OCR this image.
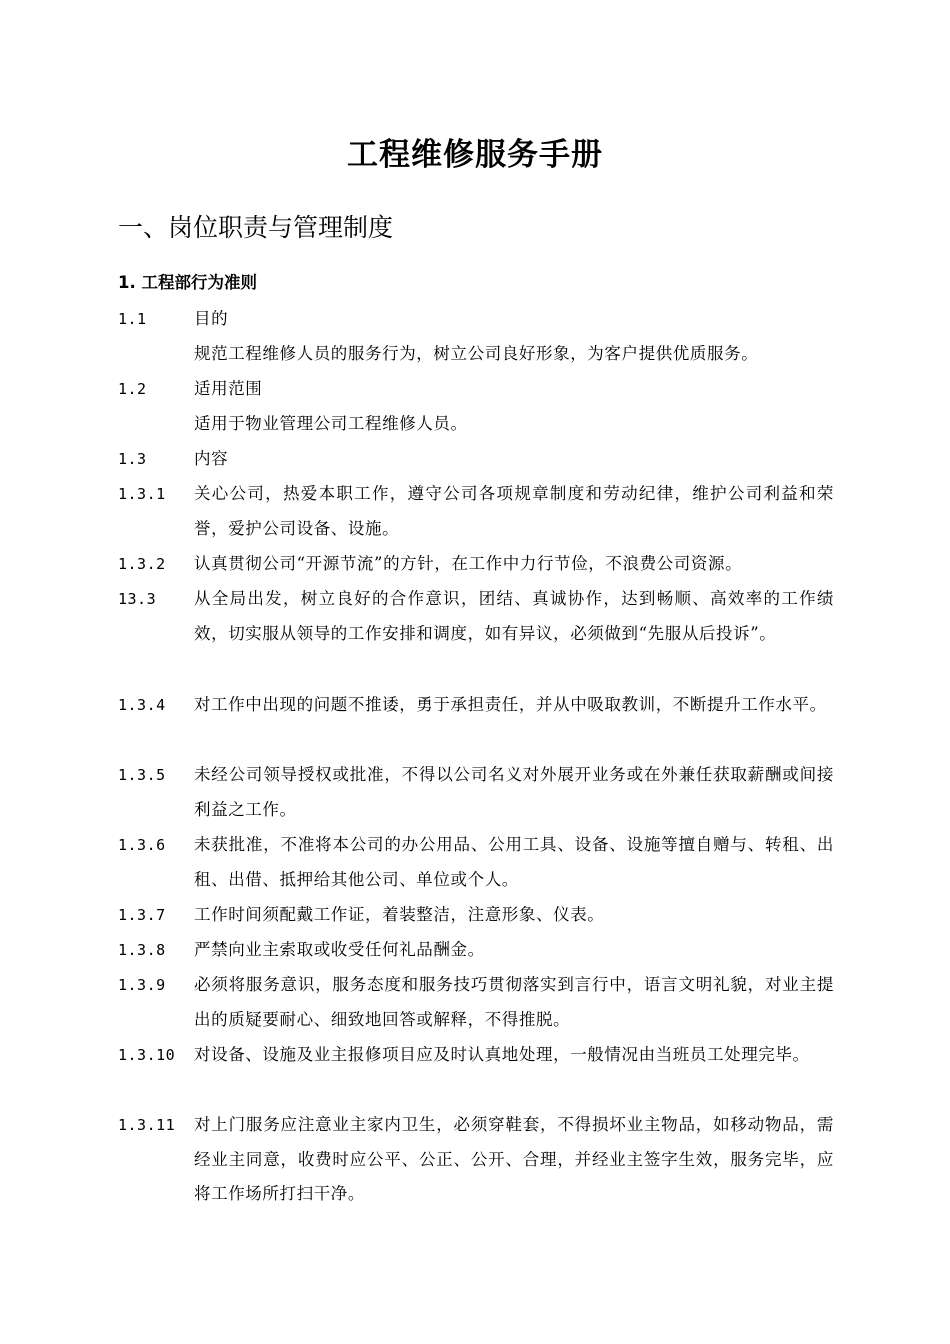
工程维修服务手册
一、岗位职责与管理制度
1. 工程部行为准则
1.1	目的
规范工程维修人员的服务行为，树立公司良好形象，为客户提供优质服务。
1.2	适用范围
适用于物业管理公司工程维修人员。
1.3	内容
1.3.1	关心公司，热爱本职工作，遵守公司各项规章制度和劳动纪律，维护公司利益和荣誉，爱护公司设备、设施。
1.3.2	认真贯彻公司“开源节流”的方针，在工作中力行节俭，不浪费公司资源。
13.3	从全局出发，树立良好的合作意识，团结、真诚协作，达到畅顺、高效率的工作绩效，切实服从领导的工作安排和调度，如有异议，必须做到“先服从后投诉”。
1.3.4	对工作中出现的问题不推诿，勇于承担责任，并从中吸取教训，不断提升工作水平。
1.3.5	未经公司领导授权或批准，不得以公司名义对外展开业务或在外兼任获取薪酬或间接利益之工作。
1.3.6	未获批准，不准将本公司的办公用品、公用工具、设备、设施等擅自赠与、转租、出租、出借、抵押给其他公司、单位或个人。
1.3.7	工作时间须配戴工作证，着装整洁，注意形象、仪表。
1.3.8	严禁向业主索取或收受任何礼品酬金。
1.3.9	必须将服务意识，服务态度和服务技巧贯彻落实到言行中，语言文明礼貌，对业主提出的质疑要耐心、细致地回答或解释，不得推脱。
1.3.10	对设备、设施及业主报修项目应及时认真地处理，一般情况由当班员工处理完毕。
1.3.11	对上门服务应注意业主家内卫生，必须穿鞋套，不得损坏业主物品，如移动物品，需经业主同意，收费时应公平、公正、公开、合理，并经业主签字生效，服务完毕，应将工作场所打扫干净。
